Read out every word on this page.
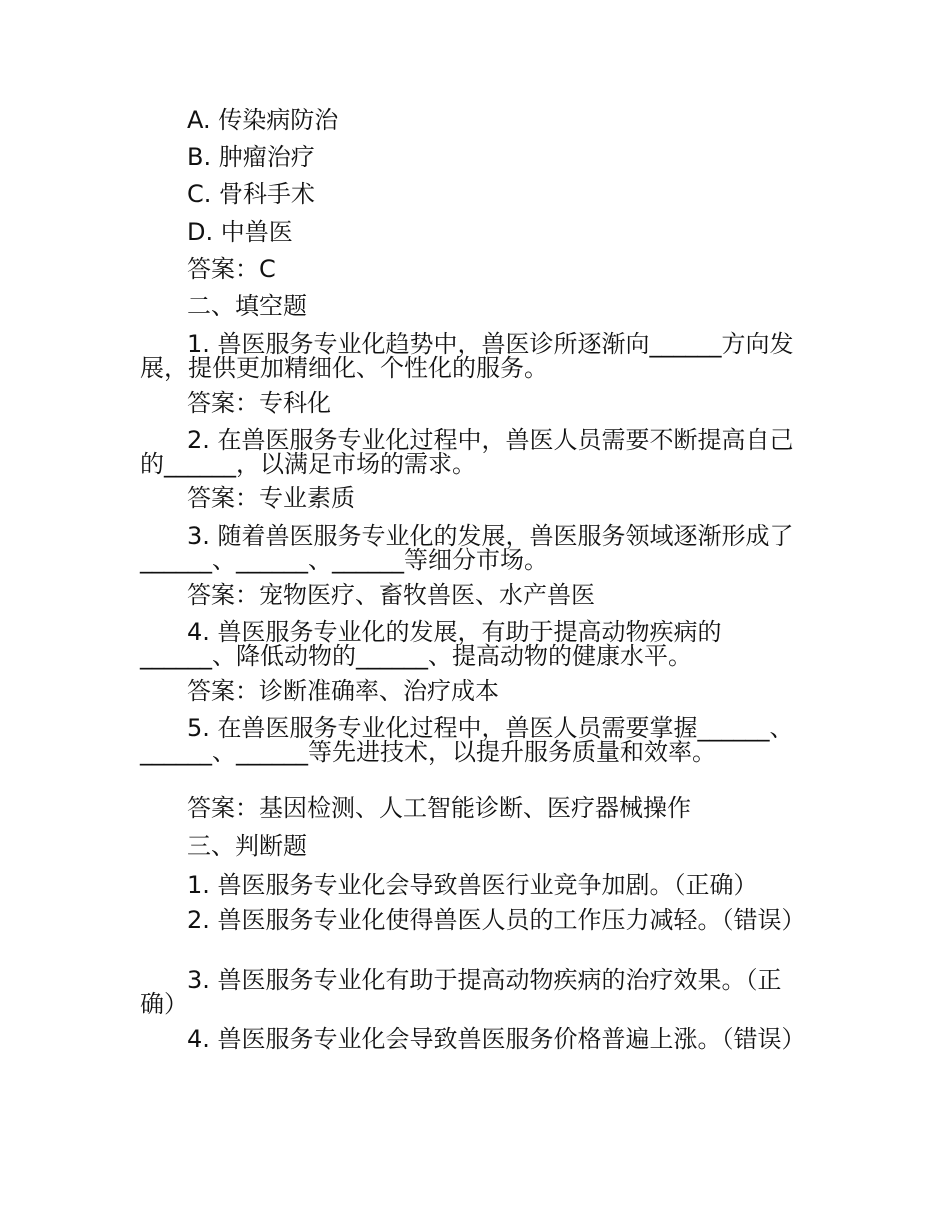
A. 传染病防治

B. 肿瘤治疗

C. 骨科手术

D. 中兽医

答案：C

二、填空题

1. 兽医服务专业化趋势中，兽医诊所逐渐向______方向发展，提供更加精细化、个性化的服务。

答案：专科化

2. 在兽医服务专业化过程中，兽医人员需要不断提高自己的______，以满足市场的需求。

答案：专业素质

3. 随着兽医服务专业化的发展，兽医服务领域逐渐形成了______、______、______等细分市场。

答案：宠物医疗、畜牧兽医、水产兽医

4. 兽医服务专业化的发展，有助于提高动物疾病的______、降低动物的______、提高动物的健康水平。

答案：诊断准确率、治疗成本

5. 在兽医服务专业化过程中，兽医人员需要掌握______、______、______等先进技术，以提升服务质量和效率。

答案：基因检测、人工智能诊断、医疗器械操作

三、判断题

1. 兽医服务专业化会导致兽医行业竞争加剧。（正确）

2. 兽医服务专业化使得兽医人员的工作压力减轻。（错误）

3. 兽医服务专业化有助于提高动物疾病的治疗效果。（正确）

4. 兽医服务专业化会导致兽医服务价格普遍上涨。（错误）
